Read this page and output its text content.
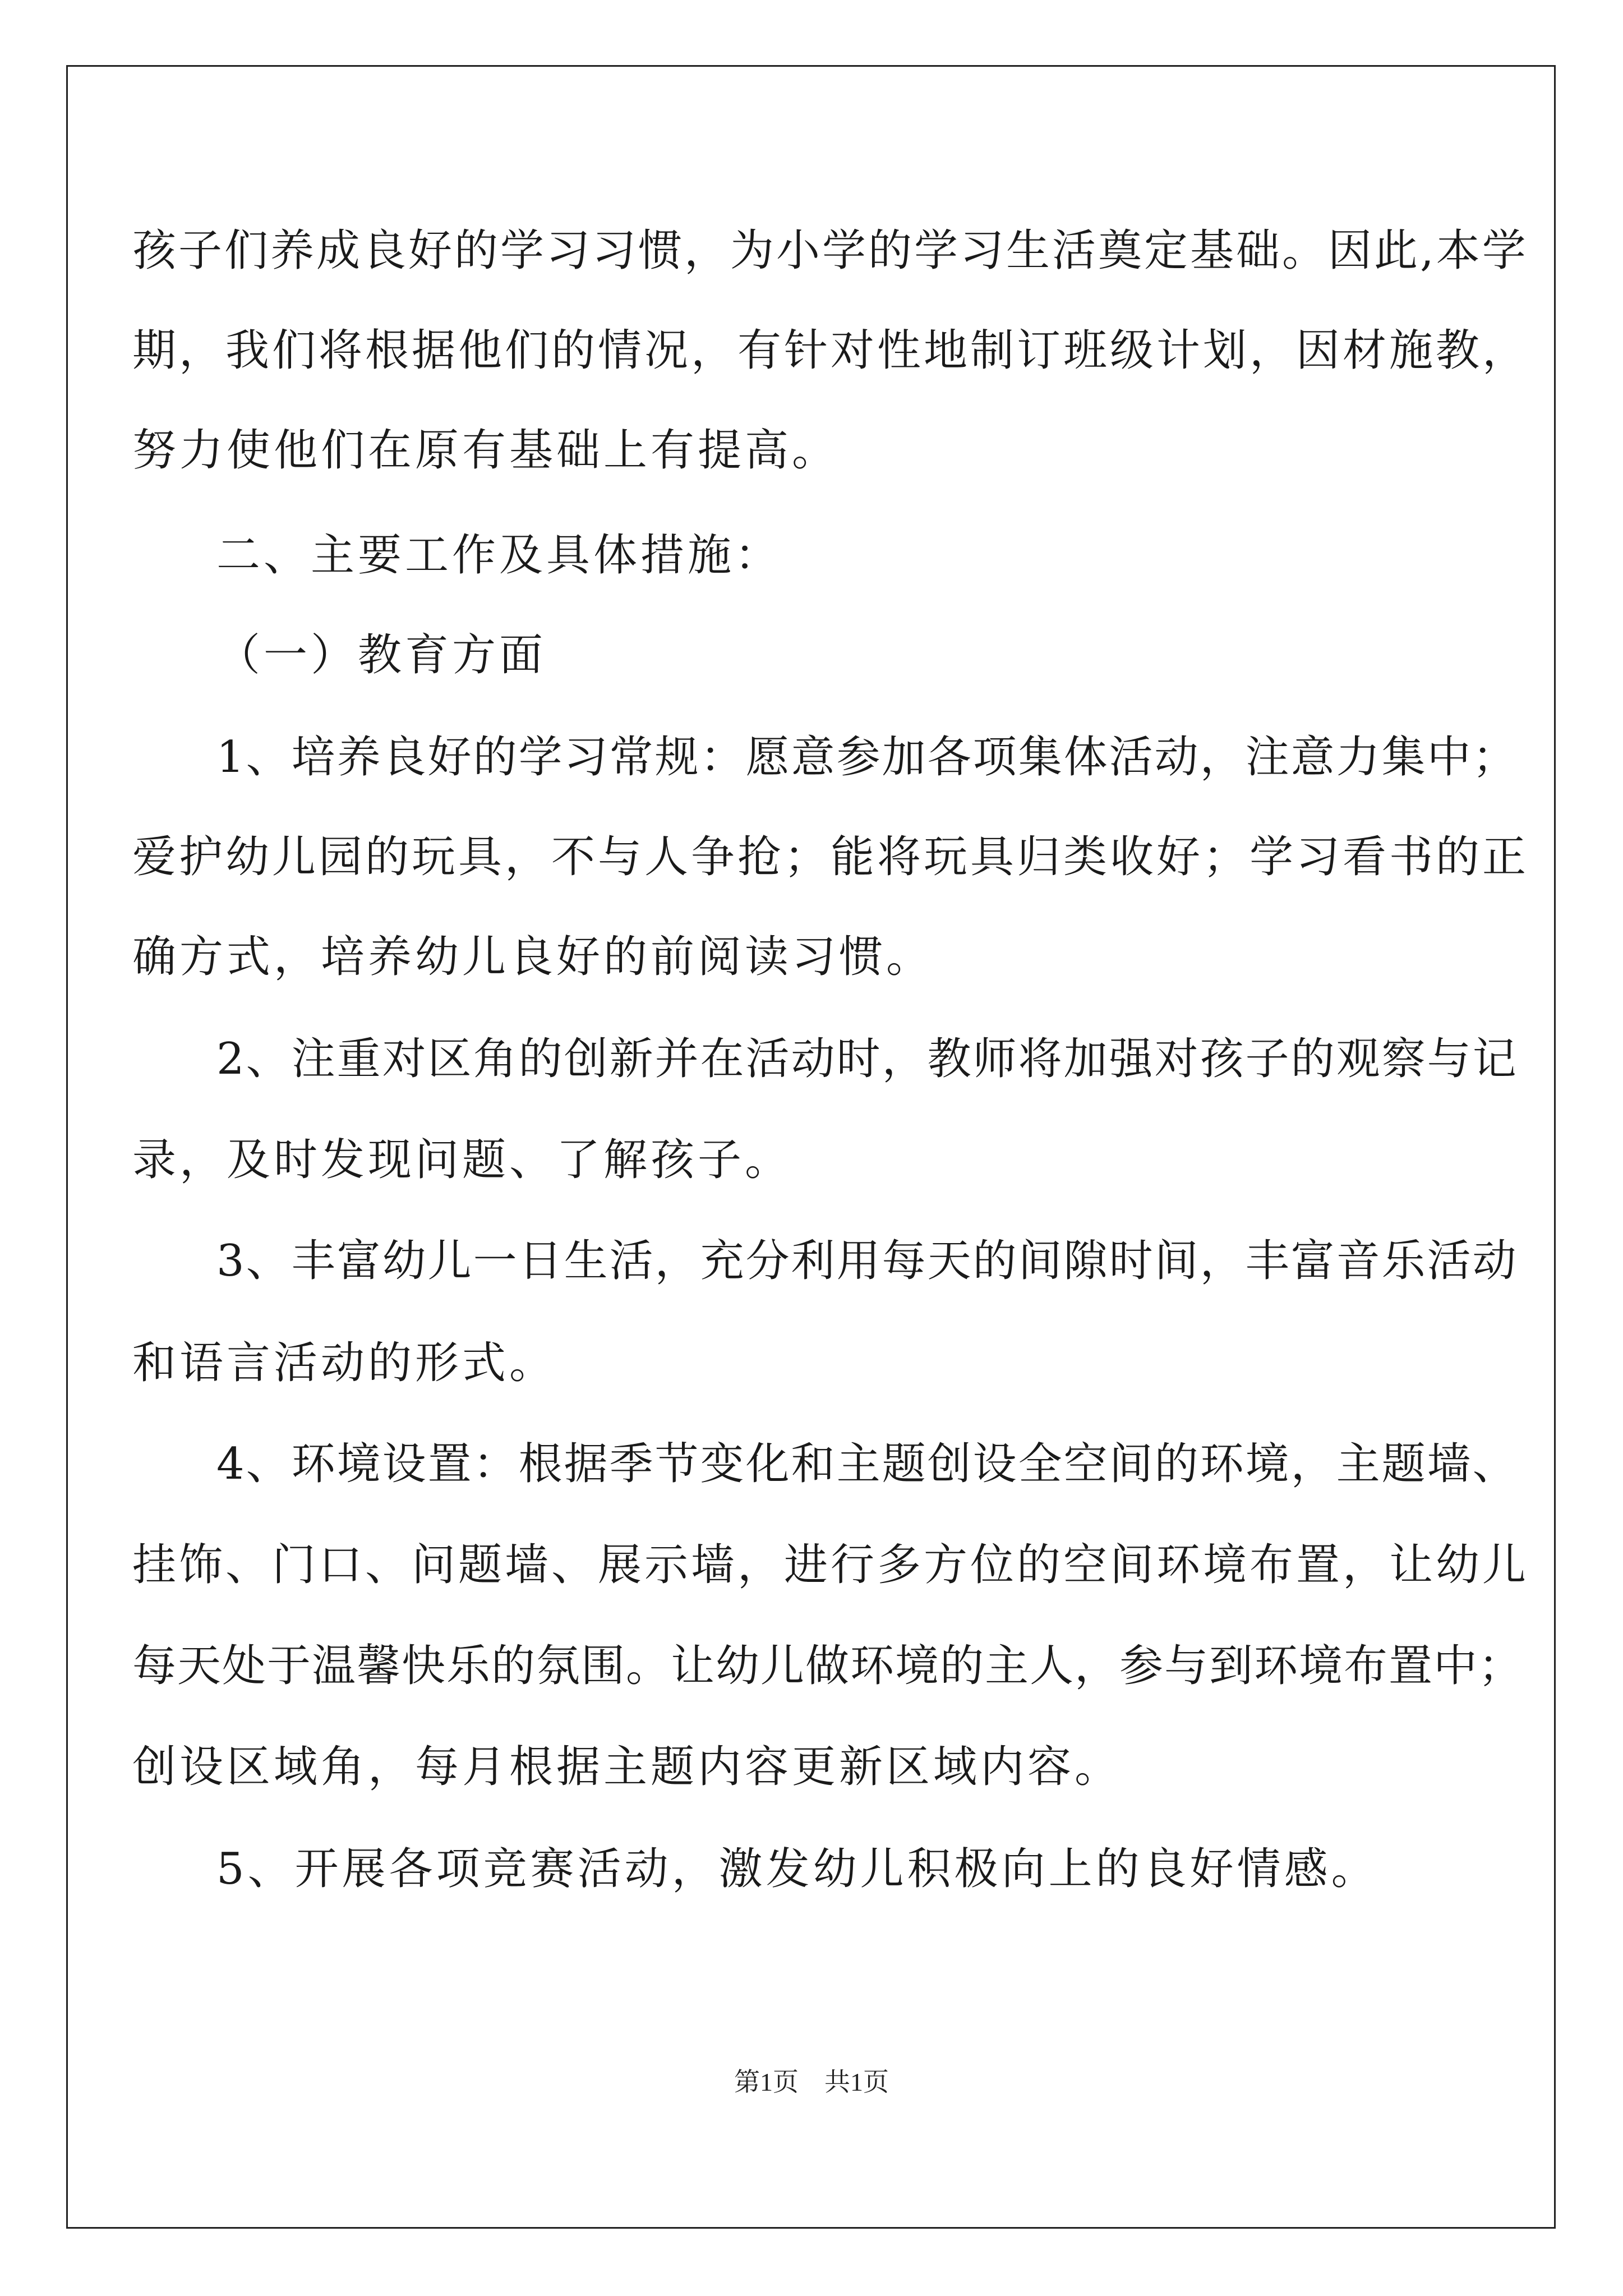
孩子们养成良好的学习习惯，为小学的学习生活奠定基础。因此,本学
期，我们将根据他们的情况，有针对性地制订班级计划，因材施教，
努力使他们在原有基础上有提高。
二、主要工作及具体措施：
（一）教育方面
1、培养良好的学习常规：愿意参加各项集体活动，注意力集中；
爱护幼儿园的玩具，不与人争抢；能将玩具归类收好；学习看书的正
确方式，培养幼儿良好的前阅读习惯。
2、注重对区角的创新并在活动时，教师将加强对孩子的观察与记
录，及时发现问题、了解孩子。
3、丰富幼儿一日生活，充分利用每天的间隙时间，丰富音乐活动
和语言活动的形式。
4、环境设置：根据季节变化和主题创设全空间的环境，主题墙、
挂饰、门口、问题墙、展示墙，进行多方位的空间环境布置，让幼儿
每天处于温馨快乐的氛围。让幼儿做环境的主人，参与到环境布置中；
创设区域角，每月根据主题内容更新区域内容。
5、开展各项竞赛活动，激发幼儿积极向上的良好情感。
第1页　共1页
